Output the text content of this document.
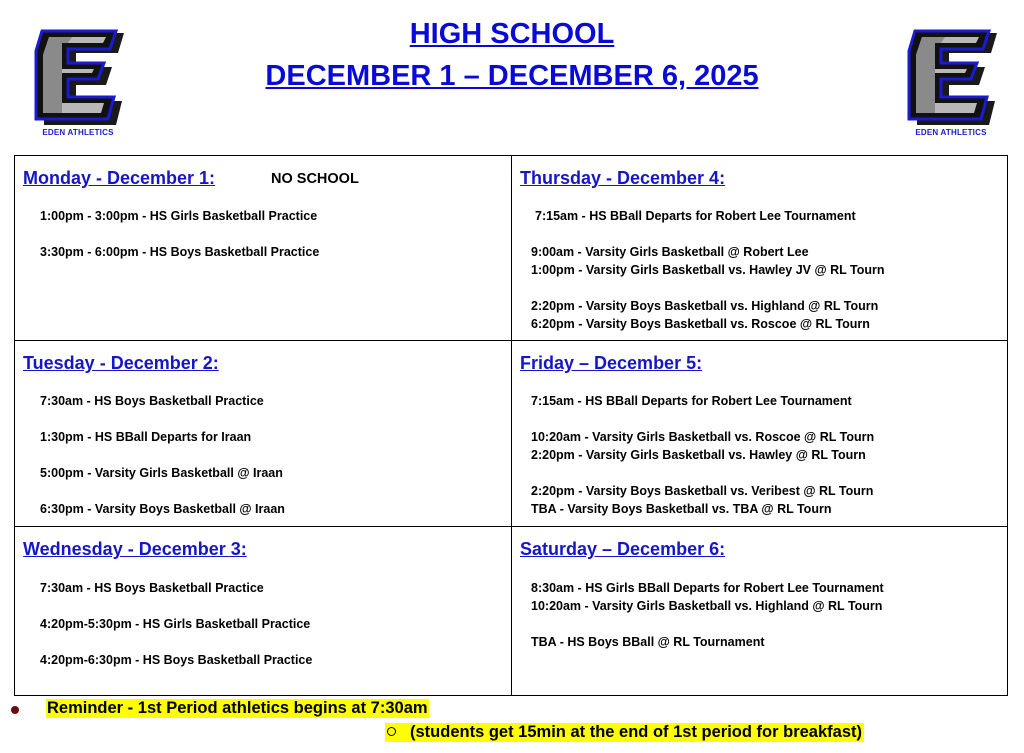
HIGH SCHOOL
DECEMBER 1 – DECEMBER 6, 2025
EDEN ATHLETICS	EDEN ATHLETICS
Monday - December 1:	NO SCHOOL
1:00pm - 3:00pm - HS Girls Basketball Practice
3:30pm - 6:00pm - HS Boys Basketball Practice
Thursday - December 4:
7:15am - HS BBall Departs for Robert Lee Tournament
9:00am - Varsity Girls Basketball @ Robert Lee
1:00pm - Varsity Girls Basketball vs. Hawley JV @ RL Tourn
2:20pm - Varsity Boys Basketball vs. Highland @ RL Tourn
6:20pm - Varsity Boys Basketball vs. Roscoe @ RL Tourn
Tuesday - December 2:
7:30am - HS Boys Basketball Practice
1:30pm - HS BBall Departs for Iraan
5:00pm - Varsity Girls Basketball @ Iraan
6:30pm - Varsity Boys Basketball @ Iraan
Friday – December 5:
7:15am - HS BBall Departs for Robert Lee Tournament
10:20am - Varsity Girls Basketball vs. Roscoe @ RL Tourn
2:20pm - Varsity Girls Basketball vs. Hawley @ RL Tourn
2:20pm - Varsity Boys Basketball vs. Veribest @ RL Tourn
TBA - Varsity Boys Basketball vs. TBA @ RL Tourn
Wednesday - December 3:
7:30am - HS Boys Basketball Practice
4:20pm-5:30pm - HS Girls Basketball Practice
4:20pm-6:30pm - HS Boys Basketball Practice
Saturday – December 6:
8:30am - HS Girls BBall Departs for Robert Lee Tournament
10:20am - Varsity Girls Basketball vs. Highland @ RL Tourn
TBA - HS Boys BBall @ RL Tournament
Reminder - 1st Period athletics begins at 7:30am
(students get 15min at the end of 1st period for breakfast)
